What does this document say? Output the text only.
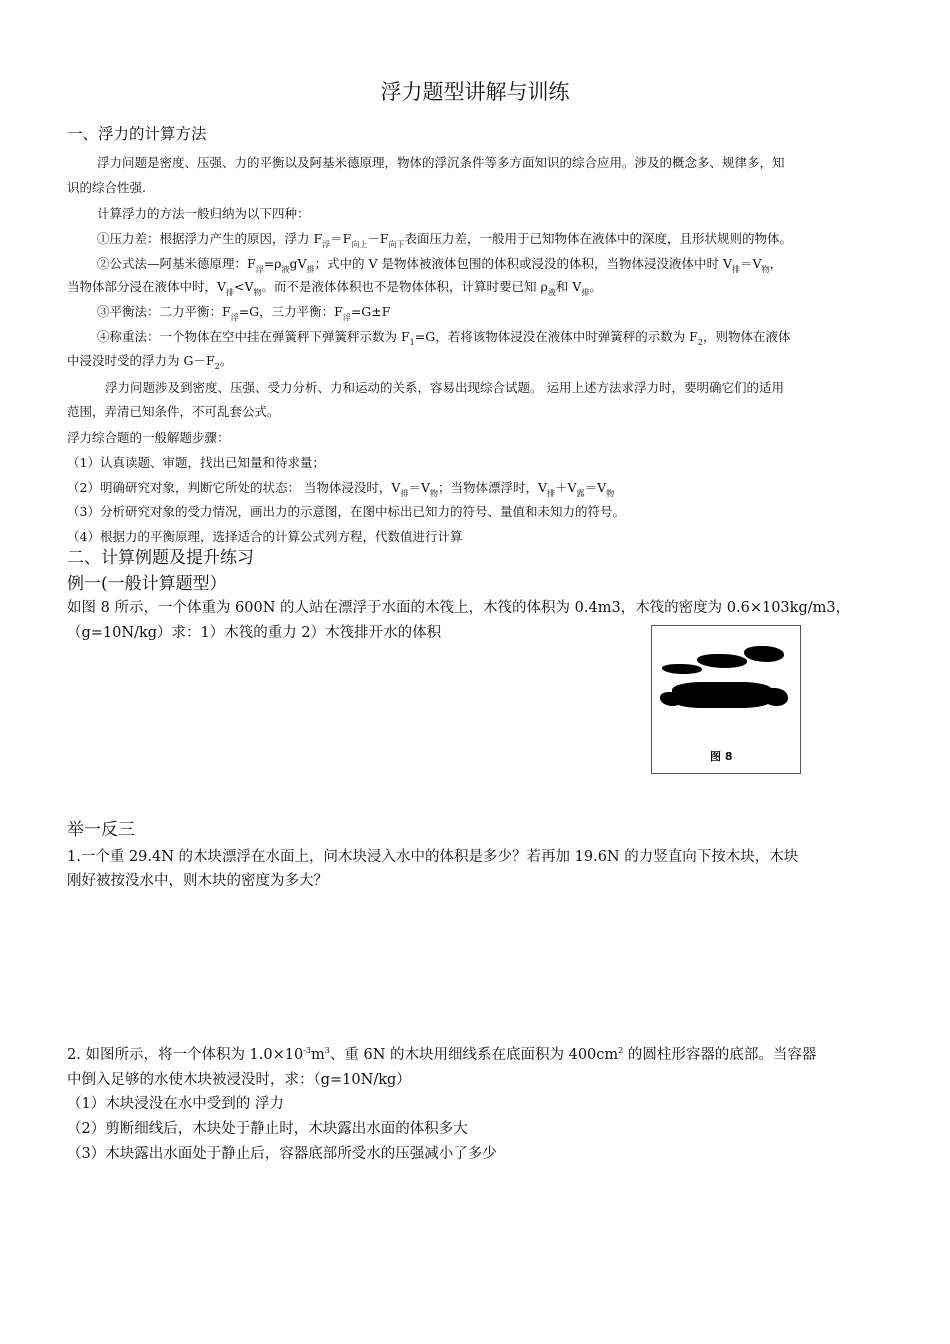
浮力题型讲解与训练
一、浮力的计算方法
浮力问题是密度、压强、力的平衡以及阿基米德原理，物体的浮沉条件等多方面知识的综合应用。涉及的概念多、规律多，知
识的综合性强.
计算浮力的方法一般归纳为以下四种：
①压力差：根据浮力产生的原因，浮力 $F_浮=F_{向上}-F_{向下}$表面压力差，一般用于已知物体在液体中的深度，且形状规则的物体。
②公式法—阿基米德原理：$F_浮=\rho_液gV_排$；式中的 V 是物体被液体包围的体积或浸没的体积，当物体浸没液体中时 $V_排=V_物$，
当物体部分浸在液体中时，$V_排<V_物$。而不是液体体积也不是物体体积，计算时要已知 $\rho_液$和 $V_排$。
③平衡法：二力平衡：$F_浮=G$，三力平衡：$F_浮=G\pm F$
④称重法：一个物体在空中挂在弹簧秤下弹簧秤示数为 $F_1=G$，若将该物体浸没在液体中时弹簧秤的示数为 $F_2$，则物体在液体
中浸没时受的浮力为 $G-F_2$。
浮力问题涉及到密度、压强、受力分析、力和运动的关系，容易出现综合试题。 运用上述方法求浮力时，要明确它们的适用
范围，弄清已知条件，不可乱套公式。
浮力综合题的一般解题步骤：
（1）认真读题、审题，找出已知量和待求量；
（2）明确研究对象，判断它所处的状态： 当物体浸没时，$V_排=V_物$；当物体漂浮时，$V_排+V_露=V_物$
（3）分析研究对象的受力情况，画出力的示意图，在图中标出已知力的符号、量值和未知力的符号。
（4）根据力的平衡原理，选择适合的计算公式列方程，代数值进行计算
二、计算例题及提升练习
例一(一般计算题型）
如图 8 所示，一个体重为 600N 的人站在漂浮于水面的木筏上，木筏的体积为 0.4m3，木筏的密度为 0.6×103kg/m3，
（g=10N/kg）求：1）木筏的重力 2）木筏排开水的体积
图 8
举一反三
1.一个重 29.4N 的木块漂浮在水面上，问木块浸入水中的体积是多少？若再加 19.6N 的力竖直向下按木块，木块
刚好被按没水中，则木块的密度为多大？
2. 如图所示，将一个体积为 $1.0\times 10^{-3}m^3$、重 6N 的木块用细线系在底面积为 $400cm^2$ 的圆柱形容器的底部。当容器
中倒入足够的水使木块被浸没时，求：（g=10N/kg）
（1）木块浸没在水中受到的 浮力
（2）剪断细线后，木块处于静止时，木块露出水面的体积多大
（3）木块露出水面处于静止后，容器底部所受水的压强减小了多少
